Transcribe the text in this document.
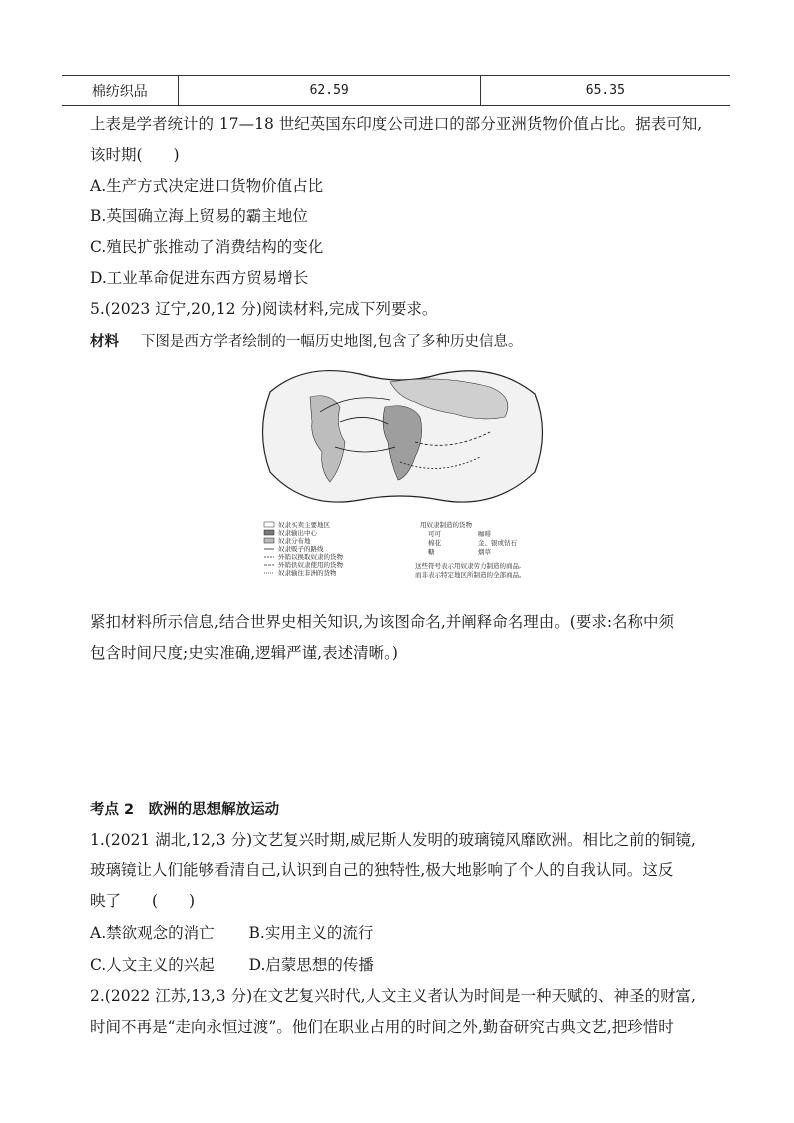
棉纺织品	62.59	65.35
上表是学者统计的 17—18 世纪英国东印度公司进口的部分亚洲货物价值占比。据表可知,
该时期(　　)
A.生产方式决定进口货物价值占比
B.英国确立海上贸易的霸主地位
C.殖民扩张推动了消费结构的变化
D.工业革命促进东西方贸易增长
5.(2023 辽宁,20,12 分)阅读材料,完成下列要求。
材料 下图是西方学者绘制的一幅历史地图,包含了多种历史信息。
奴隶买卖主要地区
奴隶输出中心
奴隶分布地
奴隶贩子的路线
外销以换取奴隶的货物
外销供奴隶使用的货物
奴隶输往非洲的货物
用奴隶制造的货物
可可	咖啡
棉花	金、银或钻石
糖	烟草
这些符号表示用奴隶劳力制造的商品,
而非表示特定地区所制造的全部商品。
紧扣材料所示信息,结合世界史相关知识,为该图命名,并阐释命名理由。(要求:名称中须
包含时间尺度;史实准确,逻辑严谨,表述清晰。)
考点 2　欧洲的思想解放运动
1.(2021 湖北,12,3 分)文艺复兴时期,威尼斯人发明的玻璃镜风靡欧洲。相比之前的铜镜,
玻璃镜让人们能够看清自己,认识到自己的独特性,极大地影响了个人的自我认同。这反
映了　　(　　)
A.禁欲观念的消亡 B.实用主义的流行
C.人文主义的兴起 D.启蒙思想的传播
2.(2022 江苏,13,3 分)在文艺复兴时代,人文主义者认为时间是一种天赋的、神圣的财富,
时间不再是“走向永恒过渡”。他们在职业占用的时间之外,勤奋研究古典文艺,把珍惜时
